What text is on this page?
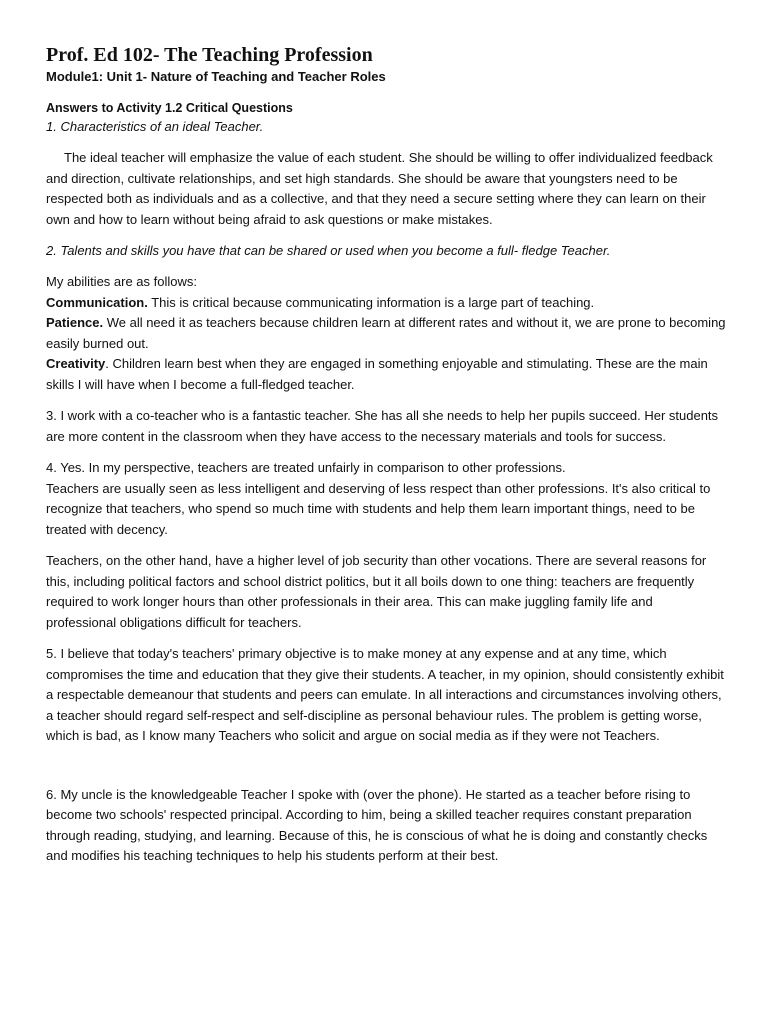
Prof. Ed 102- The Teaching Profession
Module1: Unit 1- Nature of Teaching and Teacher Roles
Answers to Activity 1.2 Critical Questions
1. Characteristics of an ideal Teacher.

The ideal teacher will emphasize the value of each student. She should be willing to offer individualized feedback and direction, cultivate relationships, and set high standards. She should be aware that youngsters need to be respected both as individuals and as a collective, and that they need a secure setting where they can learn on their own and how to learn without being afraid to ask questions or make mistakes.

2. Talents and skills you have that can be shared or used when you become a full- fledge Teacher.

My abilities are as follows:

Communication. This is critical because communicating information is a large part of teaching.

Patience. We all need it as teachers because children learn at different rates and without it, we are prone to becoming easily burned out.

Creativity. Children learn best when they are engaged in something enjoyable and stimulating. These are the main skills I will have when I become a full-fledged teacher.

3. I work with a co-teacher who is a fantastic teacher. She has all she needs to help her pupils succeed. Her students are more content in the classroom when they have access to the necessary materials and tools for success.

4. Yes. In my perspective, teachers are treated unfairly in comparison to other professions.

Teachers are usually seen as less intelligent and deserving of less respect than other professions. It's also critical to recognize that teachers, who spend so much time with students and help them learn important things, need to be treated with decency.

Teachers, on the other hand, have a higher level of job security than other vocations. There are several reasons for this, including political factors and school district politics, but it all boils down to one thing: teachers are frequently required to work longer hours than other professionals in their area. This can make juggling family life and professional obligations difficult for teachers.

5. I believe that today's teachers' primary objective is to make money at any expense and at any time, which compromises the time and education that they give their students. A teacher, in my opinion, should consistently exhibit a respectable demeanour that students and peers can emulate. In all interactions and circumstances involving others, a teacher should regard self-respect and self-discipline as personal behaviour rules. The problem is getting worse, which is bad, as I know many Teachers who solicit and argue on social media as if they were not Teachers.

6. My uncle is the knowledgeable Teacher I spoke with (over the phone). He started as a teacher before rising to become two schools' respected principal. According to him, being a skilled teacher requires constant preparation through reading, studying, and learning. Because of this, he is conscious of what he is doing and constantly checks and modifies his teaching techniques to help his students perform at their best.
